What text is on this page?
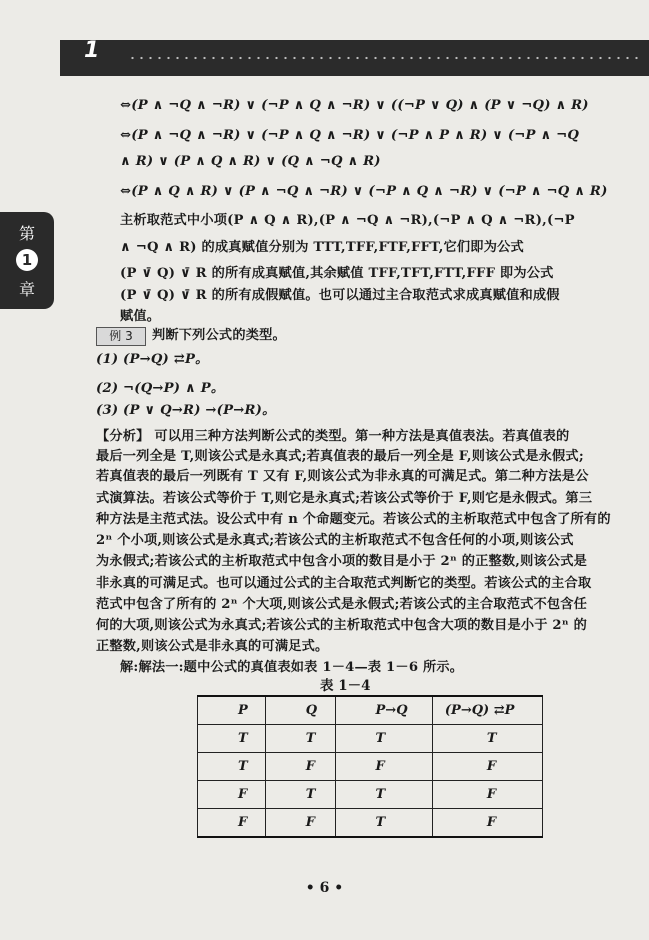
1
第
1
章

⇔(P ∧ ¬Q ∧ ¬R) ∨ (¬P ∧ Q ∧ ¬R) ∨ ((¬P ∨ Q) ∧ (P ∨ ¬Q) ∧ R)

⇔(P ∧ ¬Q ∧ ¬R) ∨ (¬P ∧ Q ∧ ¬R) ∨ (¬P ∧ P ∧ R) ∨ (¬P ∧ ¬Q

∧ R) ∨ (P ∧ Q ∧ R) ∨ (Q ∧ ¬Q ∧ R)

⇔(P ∧ Q ∧ R) ∨ (P ∧ ¬Q ∧ ¬R) ∨ (¬P ∧ Q ∧ ¬R) ∨ (¬P ∧ ¬Q ∧ R)

主析取范式中小项(P ∧ Q ∧ R),(P ∧ ¬Q ∧ ¬R),(¬P ∧ Q ∧ ¬R),(¬P

∧ ¬Q ∧ R) 的成真赋值分别为 TTT,TFF,FTF,FFT,它们即为公式

(P ∨̄ Q) ∨̄ R 的所有成真赋值,其余赋值 TFF,TFT,FTT,FFF 即为公式

(P ∨̄ Q) ∨̄ R 的所有成假赋值。也可以通过主合取范式求成真赋值和成假

赋值。

例 3	判断下列公式的类型。

(1) (P→Q) ⇄P。

(2) ¬(Q→P) ∧ P。

(3) (P ∨ Q→R) →(P→R)。

【分析】 可以用三种方法判断公式的类型。第一种方法是真值表法。若真值表的

最后一列全是 T,则该公式是永真式;若真值表的最后一列全是 F,则该公式是永假式;

若真值表的最后一列既有 T 又有 F,则该公式为非永真的可满足式。第二种方法是公

式演算法。若该公式等价于 T,则它是永真式;若该公式等价于 F,则它是永假式。第三

种方法是主范式法。设公式中有 n 个命题变元。若该公式的主析取范式中包含了所有的

2ⁿ 个小项,则该公式是永真式;若该公式的主析取范式不包含任何的小项,则该公式

为永假式;若该公式的主析取范式中包含小项的数目是小于 2ⁿ 的正整数,则该公式是

非永真的可满足式。也可以通过公式的主合取范式判断它的类型。若该公式的主合取

范式中包含了所有的 2ⁿ 个大项,则该公式是永假式;若该公式的主合取范式不包含任

何的大项,则该公式为永真式;若该公式的主析取范式中包含大项的数目是小于 2ⁿ 的

正整数,则该公式是非永真的可满足式。

解:解法一:题中公式的真值表如表 1－4—表 1－6 所示。

表 1－4
P	Q	P→Q	(P→Q) ⇄P
T	T	T	T
T	F	F	F
F	T	T	F
F	F	T	F
• 6 •
